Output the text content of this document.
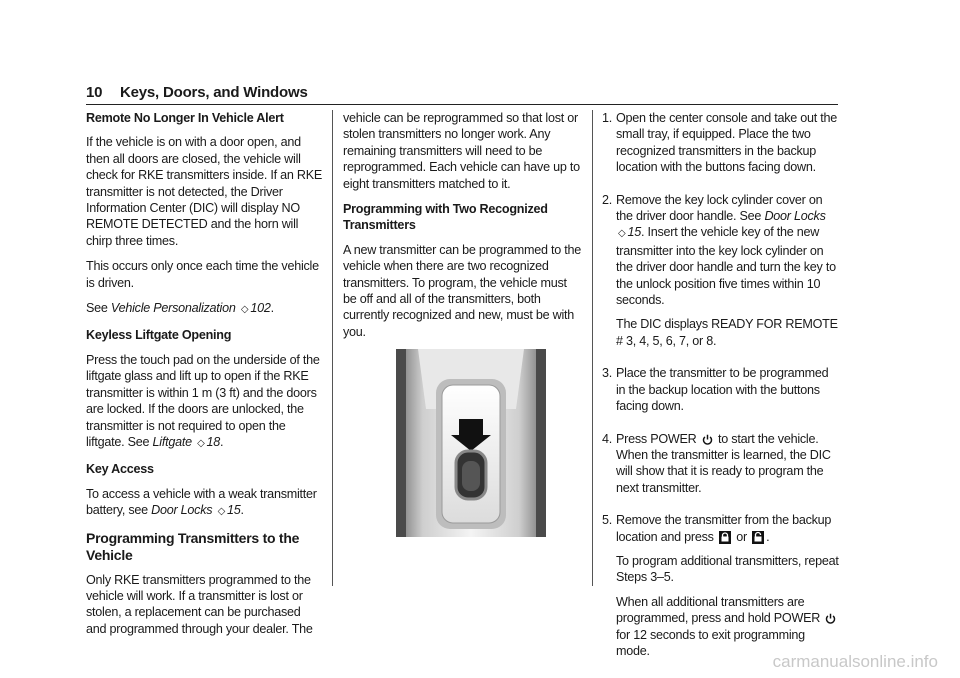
10 Keys, Doors, and Windows

Remote No Longer In Vehicle Alert

If the vehicle is on with a door open, and then all doors are closed, the vehicle will check for RKE transmitters inside. If an RKE transmitter is not detected, the Driver Information Center (DIC) will display NO REMOTE DETECTED and the horn will chirp three times.

This occurs only once each time the vehicle is driven.

See Vehicle Personalization ◇ 102.

Keyless Liftgate Opening

Press the touch pad on the underside of the liftgate glass and lift up to open if the RKE transmitter is within 1 m (3 ft) and the doors are locked. If the doors are unlocked, the transmitter is not required to open the liftgate. See Liftgate ◇ 18.

Key Access

To access a vehicle with a weak transmitter battery, see Door Locks ◇ 15.

Programming Transmitters to the Vehicle

Only RKE transmitters programmed to the vehicle will work. If a transmitter is lost or stolen, a replacement can be purchased and programmed through your dealer. The

vehicle can be reprogrammed so that lost or stolen transmitters no longer work. Any remaining transmitters will need to be reprogrammed. Each vehicle can have up to eight transmitters matched to it.

Programming with Two Recognized Transmitters

A new transmitter can be programmed to the vehicle when there are two recognized transmitters. To program, the vehicle must be off and all of the transmitters, both currently recognized and new, must be with you.

1. Open the center console and take out the small tray, if equipped. Place the two recognized transmitters in the backup location with the buttons facing down.

2. Remove the key lock cylinder cover on the driver door handle. See Door Locks ◇ 15. Insert the vehicle key of the new transmitter into the key lock cylinder on the driver door handle and turn the key to the unlock position five times within 10 seconds.

The DIC displays READY FOR REMOTE # 3, 4, 5, 6, 7, or 8.

3. Place the transmitter to be programmed in the backup location with the buttons facing down.

4. Press POWER to start the vehicle. When the transmitter is learned, the DIC will show that it is ready to program the next transmitter.

5. Remove the transmitter from the backup location and press or .

To program additional transmitters, repeat Steps 3–5.

When all additional transmitters are programmed, press and hold POWER  for 12 seconds to exit programming mode.

carmanualsonline.info
